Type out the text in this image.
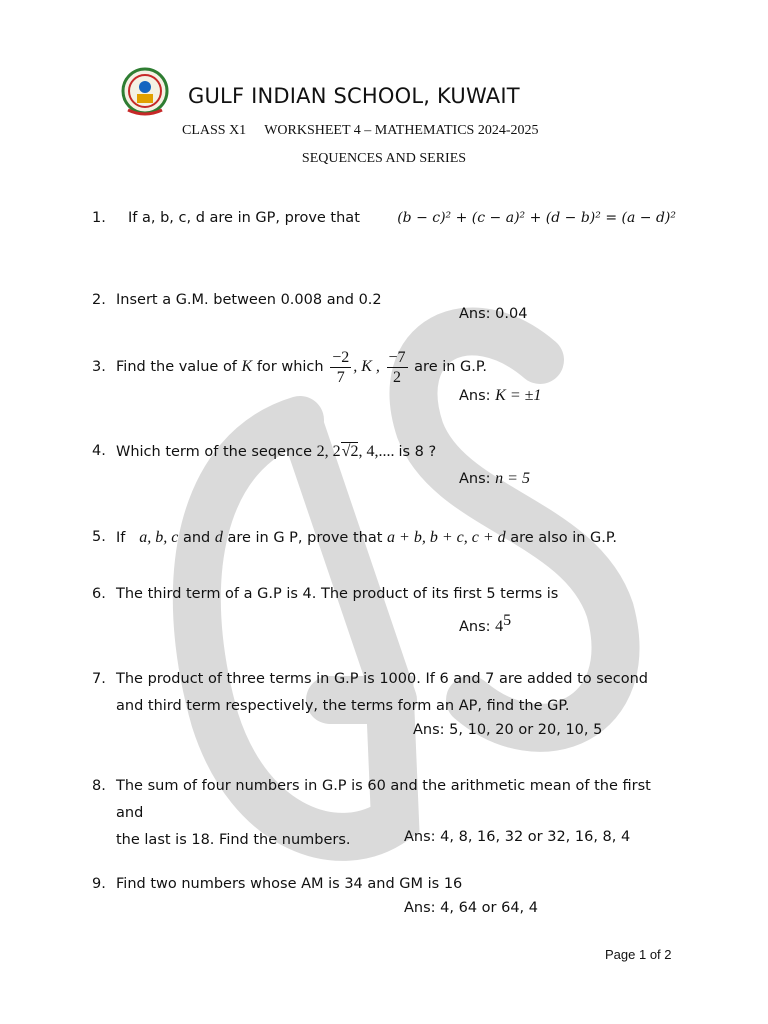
GULF INDIAN SCHOOL, KUWAIT
CLASS X1 WORKSHEET 4 – MATHEMATICS 2024-2025
SEQUENCES AND SERIES
1. If a, b, c, d are in GP, prove that	(b − c)² + (c − a)² + (d − b)² = (a − d)²
2. Insert a G.M. between 0.008 and 0.2
Ans: 0.04
3. Find the value of K for which $\frac{-2}{7}$ , K , $\frac{-7}{2}$ are in G.P.
Ans: K = ±1
4. Which term of the seqence 2, 2√2, 4,.... is 8 ?
Ans: n = 5
5. If a, b, c and d are in G P, prove that a + b, b + c, c + d are also in G.P.
6. The third term of a G.P is 4. The product of its first 5 terms is
Ans: $4^5$
7. The product of three terms in G.P is 1000. If 6 and 7 are added to second
and third term respectively, the terms form an AP, find the GP.
Ans: 5, 10, 20 or 20, 10, 5
8. The sum of four numbers in G.P is 60 and the arithmetic mean of the first and
the last is 18. Find the numbers.	Ans: 4, 8, 16, 32 or 32, 16, 8, 4
9. Find two numbers whose AM is 34 and GM is 16
Ans: 4, 64 or 64, 4
Page 1 of 2
